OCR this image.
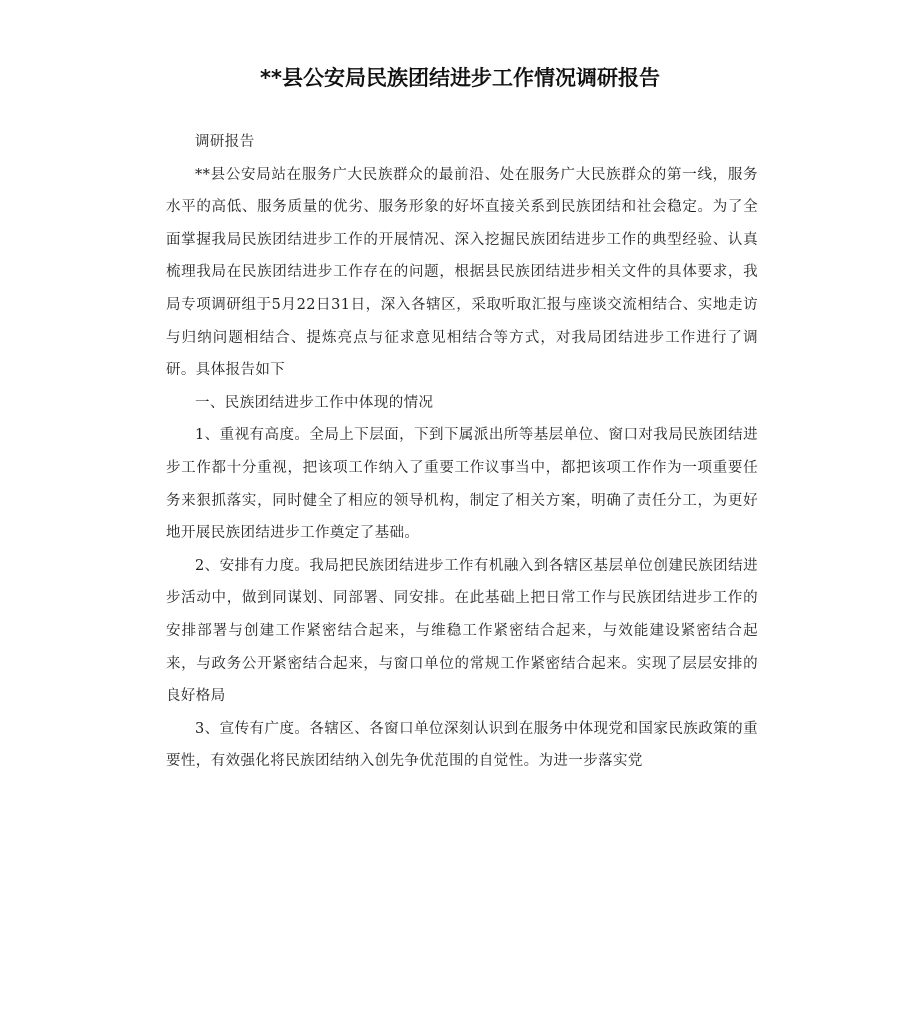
**县公安局民族团结进步工作情况调研报告

调研报告

**县公安局站在服务广大民族群众的最前沿、处在服务广大民族群众的第一线，服务水平的高低、服务质量的优劣、服务形象的好坏直接关系到民族团结和社会稳定。为了全面掌握我局民族团结进步工作的开展情况、深入挖掘民族团结进步工作的典型经验、认真梳理我局在民族团结进步工作存在的问题，根据县民族团结进步相关文件的具体要求，我局专项调研组于5月22日31日，深入各辖区，采取听取汇报与座谈交流相结合、实地走访与归纳问题相结合、提炼亮点与征求意见相结合等方式，对我局团结进步工作进行了调研。具体报告如下

一、民族团结进步工作中体现的情况

1、重视有高度。全局上下层面，下到下属派出所等基层单位、窗口对我局民族团结进步工作都十分重视，把该项工作纳入了重要工作议事当中，都把该项工作作为一项重要任务来狠抓落实，同时健全了相应的领导机构，制定了相关方案，明确了责任分工，为更好地开展民族团结进步工作奠定了基础。

2、安排有力度。我局把民族团结进步工作有机融入到各辖区基层单位创建民族团结进步活动中，做到同谋划、同部署、同安排。在此基础上把日常工作与民族团结进步工作的安排部署与创建工作紧密结合起来，与维稳工作紧密结合起来，与效能建设紧密结合起来，与政务公开紧密结合起来，与窗口单位的常规工作紧密结合起来。实现了层层安排的良好格局

3、宣传有广度。各辖区、各窗口单位深刻认识到在服务中体现党和国家民族政策的重要性，有效强化将民族团结纳入创先争优范围的自觉性。为进一步落实党
